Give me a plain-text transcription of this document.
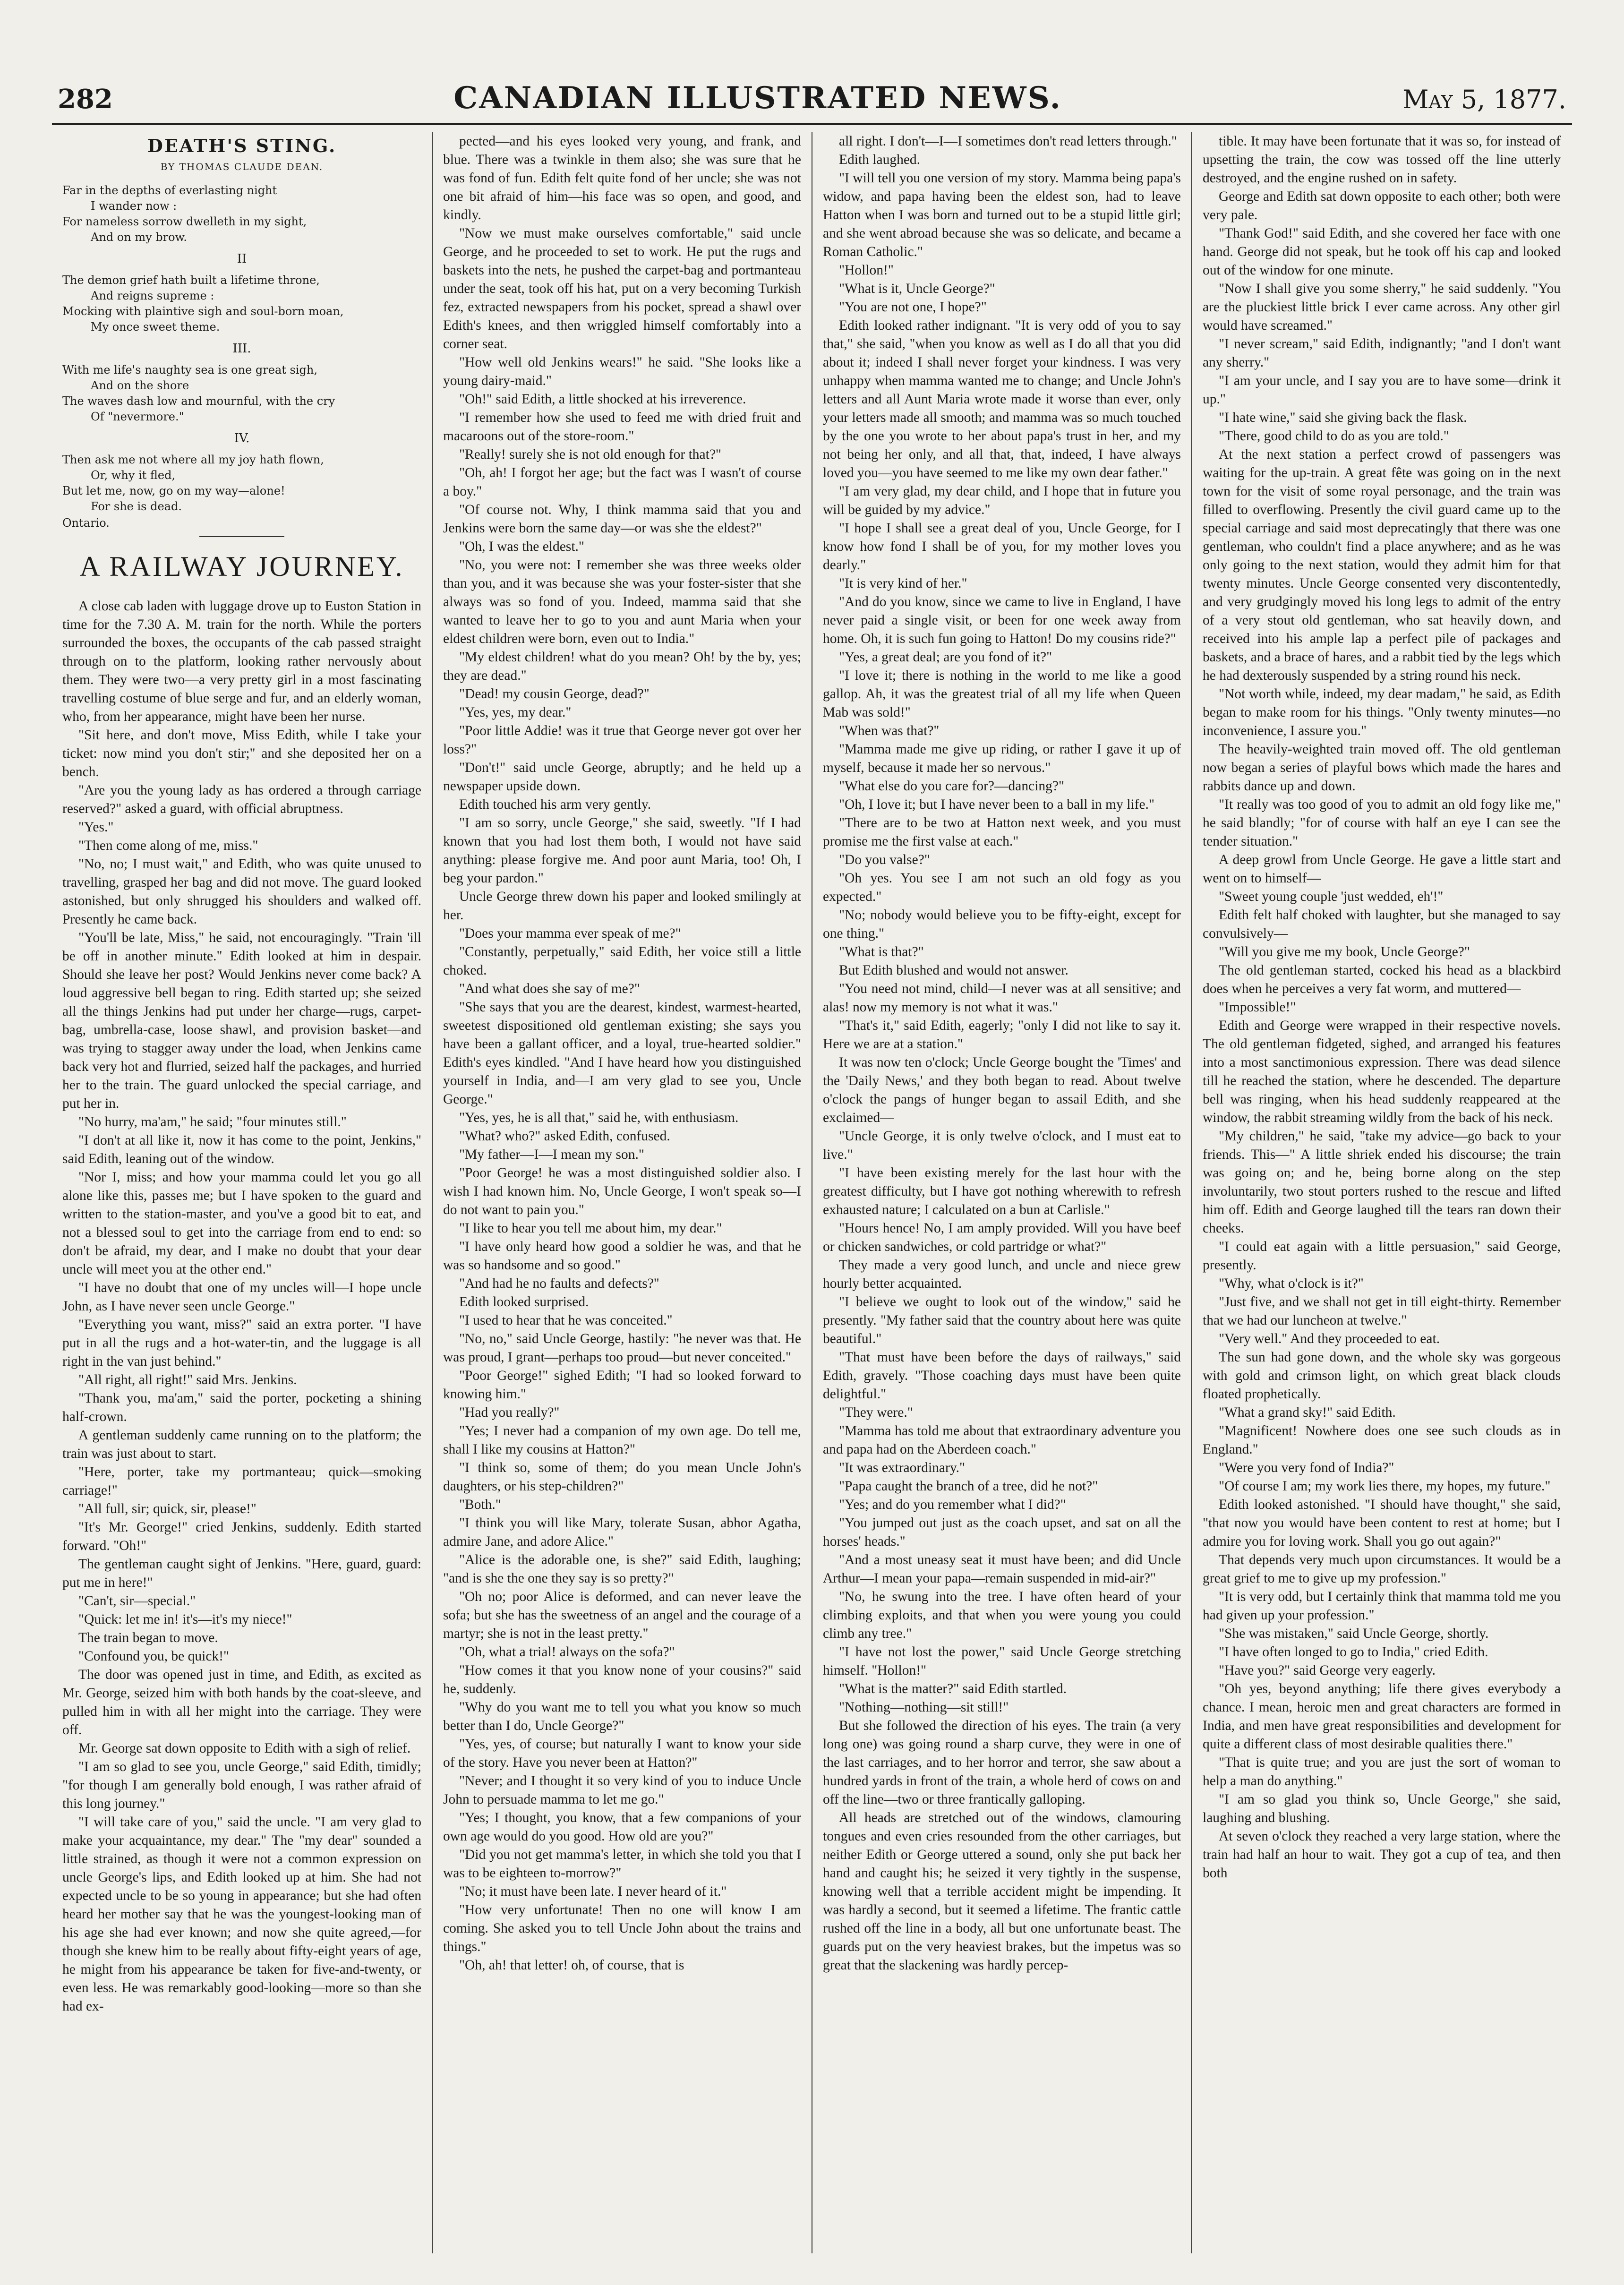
282	CANADIAN ILLUSTRATED NEWS.	May 5, 1877.
DEATH'S STING.
BY THOMAS CLAUDE DEAN.
Far in the depths of everlasting night
I wander now :
For nameless sorrow dwelleth in my sight,
And on my brow.
II
The demon grief hath built a lifetime throne,
And reigns supreme :
Mocking with plaintive sigh and soul-born moan,
My once sweet theme.
III.
With me life's naughty sea is one great sigh,
And on the shore
The waves dash low and mournful, with the cry
Of "nevermore."
IV.
Then ask me not where all my joy hath flown,
Or, why it fled,
But let me, now, go on my way—alone!
For she is dead.
Ontario.
A RAILWAY JOURNEY.

A close cab laden with luggage drove up to Euston Station in time for the 7.30 A. M. train for the north. While the porters surrounded the boxes, the occupants of the cab passed straight through on to the platform, looking rather nervously about them. They were two—a very pretty girl in a most fascinating travelling costume of blue serge and fur, and an elderly woman, who, from her appearance, might have been her nurse.

"Sit here, and don't move, Miss Edith, while I take your ticket: now mind you don't stir;" and she deposited her on a bench.

"Are you the young lady as has ordered a through carriage reserved?" asked a guard, with official abruptness.

"Yes."

"Then come along of me, miss."

"No, no; I must wait," and Edith, who was quite unused to travelling, grasped her bag and did not move. The guard looked astonished, but only shrugged his shoulders and walked off. Presently he came back.

"You'll be late, Miss," he said, not encouragingly. "Train 'ill be off in another minute." Edith looked at him in despair. Should she leave her post? Would Jenkins never come back? A loud aggressive bell began to ring. Edith started up; she seized all the things Jenkins had put under her charge—rugs, carpet-bag, umbrella-case, loose shawl, and provision basket—and was trying to stagger away under the load, when Jenkins came back very hot and flurried, seized half the packages, and hurried her to the train. The guard unlocked the special carriage, and put her in.

"No hurry, ma'am," he said; "four minutes still."

"I don't at all like it, now it has come to the point, Jenkins," said Edith, leaning out of the window.

"Nor I, miss; and how your mamma could let you go all alone like this, passes me; but I have spoken to the guard and written to the station-master, and you've a good bit to eat, and not a blessed soul to get into the carriage from end to end: so don't be afraid, my dear, and I make no doubt that your dear uncle will meet you at the other end."

"I have no doubt that one of my uncles will—I hope uncle John, as I have never seen uncle George."

"Everything you want, miss?" said an extra porter. "I have put in all the rugs and a hot-water-tin, and the luggage is all right in the van just behind."

"All right, all right!" said Mrs. Jenkins.

"Thank you, ma'am," said the porter, pocketing a shining half-crown.

A gentleman suddenly came running on to the platform; the train was just about to start.

"Here, porter, take my portmanteau; quick—smoking carriage!"

"All full, sir; quick, sir, please!"

"It's Mr. George!" cried Jenkins, suddenly. Edith started forward. "Oh!"

The gentleman caught sight of Jenkins. "Here, guard, guard: put me in here!"

"Can't, sir—special."

"Quick: let me in! it's—it's my niece!"

The train began to move.

"Confound you, be quick!"

The door was opened just in time, and Edith, as excited as Mr. George, seized him with both hands by the coat-sleeve, and pulled him in with all her might into the carriage. They were off.

Mr. George sat down opposite to Edith with a sigh of relief.

"I am so glad to see you, uncle George," said Edith, timidly; "for though I am generally bold enough, I was rather afraid of this long journey."

"I will take care of you," said the uncle. "I am very glad to make your acquaintance, my dear." The "my dear" sounded a little strained, as though it were not a common expression on uncle George's lips, and Edith looked up at him. She had not expected uncle to be so young in appearance; but she had often heard her mother say that he was the youngest-looking man of his age she had ever known; and now she quite agreed,—for though she knew him to be really about fifty-eight years of age, he might from his appearance be taken for five-and-twenty, or even less. He was remarkably good-looking—more so than she had ex-

pected—and his eyes looked very young, and frank, and blue. There was a twinkle in them also; she was sure that he was fond of fun. Edith felt quite fond of her uncle; she was not one bit afraid of him—his face was so open, and good, and kindly.

"Now we must make ourselves comfortable," said uncle George, and he proceeded to set to work. He put the rugs and baskets into the nets, he pushed the carpet-bag and portmanteau under the seat, took off his hat, put on a very becoming Turkish fez, extracted newspapers from his pocket, spread a shawl over Edith's knees, and then wriggled himself comfortably into a corner seat.

"How well old Jenkins wears!" he said. "She looks like a young dairy-maid."

"Oh!" said Edith, a little shocked at his irreverence.

"I remember how she used to feed me with dried fruit and macaroons out of the store-room."

"Really! surely she is not old enough for that?"

"Oh, ah! I forgot her age; but the fact was I wasn't of course a boy."

"Of course not. Why, I think mamma said that you and Jenkins were born the same day—or was she the eldest?"

"Oh, I was the eldest."

"No, you were not: I remember she was three weeks older than you, and it was because she was your foster-sister that she always was so fond of you. Indeed, mamma said that she wanted to leave her to go to you and aunt Maria when your eldest children were born, even out to India."

"My eldest children! what do you mean? Oh! by the by, yes; they are dead."

"Dead! my cousin George, dead?"

"Yes, yes, my dear."

"Poor little Addie! was it true that George never got over her loss?"

"Don't!" said uncle George, abruptly; and he held up a newspaper upside down.

Edith touched his arm very gently.

"I am so sorry, uncle George," she said, sweetly. "If I had known that you had lost them both, I would not have said anything: please forgive me. And poor aunt Maria, too! Oh, I beg your pardon."

Uncle George threw down his paper and looked smilingly at her.

"Does your mamma ever speak of me?"

"Constantly, perpetually," said Edith, her voice still a little choked.

"And what does she say of me?"

"She says that you are the dearest, kindest, warmest-hearted, sweetest dispositioned old gentleman existing; she says you have been a gallant officer, and a loyal, true-hearted soldier." Edith's eyes kindled. "And I have heard how you distinguished yourself in India, and—I am very glad to see you, Uncle George."

"Yes, yes, he is all that," said he, with enthusiasm.

"What? who?" asked Edith, confused.

"My father—I—I mean my son."

"Poor George! he was a most distinguished soldier also. I wish I had known him. No, Uncle George, I won't speak so—I do not want to pain you."

"I like to hear you tell me about him, my dear."

"I have only heard how good a soldier he was, and that he was so handsome and so good."

"And had he no faults and defects?"

Edith looked surprised.

"I used to hear that he was conceited."

"No, no," said Uncle George, hastily: "he never was that. He was proud, I grant—perhaps too proud—but never conceited."

"Poor George!" sighed Edith; "I had so looked forward to knowing him."

"Had you really?"

"Yes; I never had a companion of my own age. Do tell me, shall I like my cousins at Hatton?"

"I think so, some of them; do you mean Uncle John's daughters, or his step-children?"

"Both."

"I think you will like Mary, tolerate Susan, abhor Agatha, admire Jane, and adore Alice."

"Alice is the adorable one, is she?" said Edith, laughing; "and is she the one they say is so pretty?"

"Oh no; poor Alice is deformed, and can never leave the sofa; but she has the sweetness of an angel and the courage of a martyr; she is not in the least pretty."

"Oh, what a trial! always on the sofa?"

"How comes it that you know none of your cousins?" said he, suddenly.

"Why do you want me to tell you what you know so much better than I do, Uncle George?"

"Yes, yes, of course; but naturally I want to know your side of the story. Have you never been at Hatton?"

"Never; and I thought it so very kind of you to induce Uncle John to persuade mamma to let me go."

"Yes; I thought, you know, that a few companions of your own age would do you good. How old are you?"

"Did you not get mamma's letter, in which she told you that I was to be eighteen to-morrow?"

"No; it must have been late. I never heard of it."

"How very unfortunate! Then no one will know I am coming. She asked you to tell Uncle John about the trains and things."

"Oh, ah! that letter! oh, of course, that is

all right. I don't—I—I sometimes don't read letters through."

Edith laughed.

"I will tell you one version of my story. Mamma being papa's widow, and papa having been the eldest son, had to leave Hatton when I was born and turned out to be a stupid little girl; and she went abroad because she was so delicate, and became a Roman Catholic."

"Hollon!"

"What is it, Uncle George?"

"You are not one, I hope?"

Edith looked rather indignant. "It is very odd of you to say that," she said, "when you know as well as I do all that you did about it; indeed I shall never forget your kindness. I was very unhappy when mamma wanted me to change; and Uncle John's letters and all Aunt Maria wrote made it worse than ever, only your letters made all smooth; and mamma was so much touched by the one you wrote to her about papa's trust in her, and my not being her only, and all that, that, indeed, I have always loved you—you have seemed to me like my own dear father."

"I am very glad, my dear child, and I hope that in future you will be guided by my advice."

"I hope I shall see a great deal of you, Uncle George, for I know how fond I shall be of you, for my mother loves you dearly."

"It is very kind of her."

"And do you know, since we came to live in England, I have never paid a single visit, or been for one week away from home. Oh, it is such fun going to Hatton! Do my cousins ride?"

"Yes, a great deal; are you fond of it?"

"I love it; there is nothing in the world to me like a good gallop. Ah, it was the greatest trial of all my life when Queen Mab was sold!"

"When was that?"

"Mamma made me give up riding, or rather I gave it up of myself, because it made her so nervous."

"What else do you care for?—dancing?"

"Oh, I love it; but I have never been to a ball in my life."

"There are to be two at Hatton next week, and you must promise me the first valse at each."

"Do you valse?"

"Oh yes. You see I am not such an old fogy as you expected."

"No; nobody would believe you to be fifty-eight, except for one thing."

"What is that?"

But Edith blushed and would not answer.

"You need not mind, child—I never was at all sensitive; and alas! now my memory is not what it was."

"That's it," said Edith, eagerly; "only I did not like to say it. Here we are at a station."

It was now ten o'clock; Uncle George bought the 'Times' and the 'Daily News,' and they both began to read. About twelve o'clock the pangs of hunger began to assail Edith, and she exclaimed—

"Uncle George, it is only twelve o'clock, and I must eat to live."

"I have been existing merely for the last hour with the greatest difficulty, but I have got nothing wherewith to refresh exhausted nature; I calculated on a bun at Carlisle."

"Hours hence! No, I am amply provided. Will you have beef or chicken sandwiches, or cold partridge or what?"

They made a very good lunch, and uncle and niece grew hourly better acquainted.

"I believe we ought to look out of the window," said he presently. "My father said that the country about here was quite beautiful."

"That must have been before the days of railways," said Edith, gravely. "Those coaching days must have been quite delightful."

"They were."

"Mamma has told me about that extraordinary adventure you and papa had on the Aberdeen coach."

"It was extraordinary."

"Papa caught the branch of a tree, did he not?"

"Yes; and do you remember what I did?"

"You jumped out just as the coach upset, and sat on all the horses' heads."

"And a most uneasy seat it must have been; and did Uncle Arthur—I mean your papa—remain suspended in mid-air?"

"No, he swung into the tree. I have often heard of your climbing exploits, and that when you were young you could climb any tree."

"I have not lost the power," said Uncle George stretching himself. "Hollon!"

"What is the matter?" said Edith startled.

"Nothing—nothing—sit still!"

But she followed the direction of his eyes. The train (a very long one) was going round a sharp curve, they were in one of the last carriages, and to her horror and terror, she saw about a hundred yards in front of the train, a whole herd of cows on and off the line—two or three frantically galloping.

All heads are stretched out of the windows, clamouring tongues and even cries resounded from the other carriages, but neither Edith or George uttered a sound, only she put back her hand and caught his; he seized it very tightly in the suspense, knowing well that a terrible accident might be impending. It was hardly a second, but it seemed a lifetime. The frantic cattle rushed off the line in a body, all but one unfortunate beast. The guards put on the very heaviest brakes, but the impetus was so great that the slackening was hardly percep-

tible. It may have been fortunate that it was so, for instead of upsetting the train, the cow was tossed off the line utterly destroyed, and the engine rushed on in safety.

George and Edith sat down opposite to each other; both were very pale.

"Thank God!" said Edith, and she covered her face with one hand. George did not speak, but he took off his cap and looked out of the window for one minute.

"Now I shall give you some sherry," he said suddenly. "You are the pluckiest little brick I ever came across. Any other girl would have screamed."

"I never scream," said Edith, indignantly; "and I don't want any sherry."

"I am your uncle, and I say you are to have some—drink it up."

"I hate wine," said she giving back the flask.

"There, good child to do as you are told."

At the next station a perfect crowd of passengers was waiting for the up-train. A great fête was going on in the next town for the visit of some royal personage, and the train was filled to overflowing. Presently the civil guard came up to the special carriage and said most deprecatingly that there was one gentleman, who couldn't find a place anywhere; and as he was only going to the next station, would they admit him for that twenty minutes. Uncle George consented very discontentedly, and very grudgingly moved his long legs to admit of the entry of a very stout old gentleman, who sat heavily down, and received into his ample lap a perfect pile of packages and baskets, and a brace of hares, and a rabbit tied by the legs which he had dexterously suspended by a string round his neck.

"Not worth while, indeed, my dear madam," he said, as Edith began to make room for his things. "Only twenty minutes—no inconvenience, I assure you."

The heavily-weighted train moved off. The old gentleman now began a series of playful bows which made the hares and rabbits dance up and down.

"It really was too good of you to admit an old fogy like me," he said blandly; "for of course with half an eye I can see the tender situation."

A deep growl from Uncle George. He gave a little start and went on to himself—

"Sweet young couple 'just wedded, eh'!"

Edith felt half choked with laughter, but she managed to say convulsively—

"Will you give me my book, Uncle George?"

The old gentleman started, cocked his head as a blackbird does when he perceives a very fat worm, and muttered—

"Impossible!"

Edith and George were wrapped in their respective novels. The old gentleman fidgeted, sighed, and arranged his features into a most sanctimonious expression. There was dead silence till he reached the station, where he descended. The departure bell was ringing, when his head suddenly reappeared at the window, the rabbit streaming wildly from the back of his neck.

"My children," he said, "take my advice—go back to your friends. This—" A little shriek ended his discourse; the train was going on; and he, being borne along on the step involuntarily, two stout porters rushed to the rescue and lifted him off. Edith and George laughed till the tears ran down their cheeks.

"I could eat again with a little persuasion," said George, presently.

"Why, what o'clock is it?"

"Just five, and we shall not get in till eight-thirty. Remember that we had our luncheon at twelve."

"Very well." And they proceeded to eat.

The sun had gone down, and the whole sky was gorgeous with gold and crimson light, on which great black clouds floated prophetically.

"What a grand sky!" said Edith.

"Magnificent! Nowhere does one see such clouds as in England."

"Were you very fond of India?"

"Of course I am; my work lies there, my hopes, my future."

Edith looked astonished. "I should have thought," she said, "that now you would have been content to rest at home; but I admire you for loving work. Shall you go out again?"

That depends very much upon circumstances. It would be a great grief to me to give up my profession."

"It is very odd, but I certainly think that mamma told me you had given up your profession."

"She was mistaken," said Uncle George, shortly.

"I have often longed to go to India," cried Edith.

"Have you?" said George very eagerly.

"Oh yes, beyond anything; life there gives everybody a chance. I mean, heroic men and great characters are formed in India, and men have great responsibilities and development for quite a different class of most desirable qualities there."

"That is quite true; and you are just the sort of woman to help a man do anything."

"I am so glad you think so, Uncle George," she said, laughing and blushing.

At seven o'clock they reached a very large station, where the train had half an hour to wait. They got a cup of tea, and then both
